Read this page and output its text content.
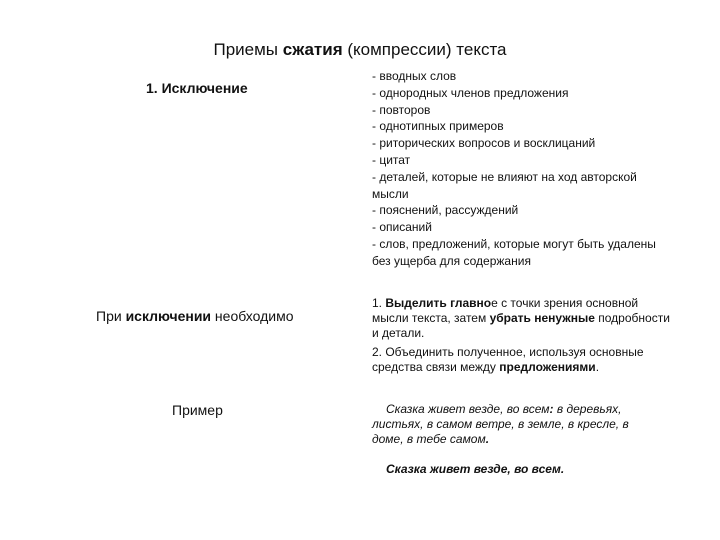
Приемы сжатия (компрессии) текста
1. Исключение
- вводных слов
- однородных членов предложения
- повторов
- однотипных примеров
- риторических вопросов и восклицаний
- цитат
- деталей, которые не влияют на ход авторской мысли
- пояснений, рассуждений
- описаний
- слов, предложений, которые могут быть удалены без ущерба для содержания
При исключении необходимо

1. Выделить главное с точки зрения основной мысли текста, затем убрать ненужные подробности и детали.

2. Объединить полученное, используя основные средства связи между предложениями.

Пример	Сказка живет везде, во всем: в деревьях, листьях, в самом ветре, в земле, в кресле, в доме, в тебе самом.
Сказка живет везде, во всем.
